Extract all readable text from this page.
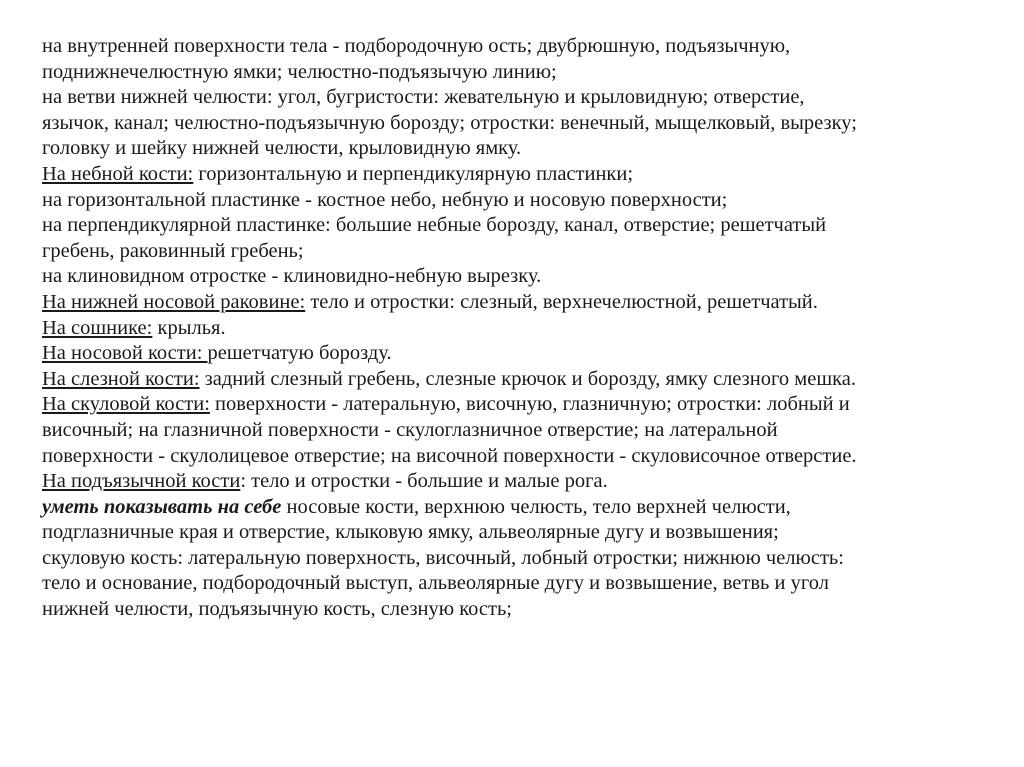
на внутренней поверхности тела - подбородочную ость; двубрюшную, подъязычную,
поднижнечелюстную ямки; челюстно-подъязычую линию;
на ветви нижней челюсти: угол, бугристости: жевательную и крыловидную; отверстие,
язычок, канал; челюстно-подъязычную борозду; отростки: венечный, мыщелковый, вырезку;
головку и шейку нижней челюсти, крыловидную ямку.
На небной кости: горизонтальную и перпендикулярную пластинки;
на горизонтальной пластинке - костное небо, небную и носовую поверхности;
на перпендикулярной пластинке: большие небные борозду, канал, отверстие; решетчатый
гребень, раковинный гребень;
на клиновидном отростке - клиновидно-небную вырезку.
На нижней носовой раковине: тело и отростки: слезный, верхнечелюстной, решетчатый.
На сошнике: крылья.
На носовой кости: решетчатую борозду.
На слезной кости: задний слезный гребень, слезные крючок и борозду, ямку слезного мешка.
На скуловой кости: поверхности - латеральную, височную, глазничную; отростки: лобный и
височный; на глазничной поверхности - скулоглазничное отверстие; на латеральной
поверхности - скулолицевое отверстие; на височной поверхности - скуловисочное отверстие.
На подъязычной кости: тело и отростки - большие и малые рога.
уметь показывать на себе носовые кости, верхнюю челюсть, тело верхней челюсти,
подглазничные края и отверстие, клыковую ямку, альвеолярные дугу и возвышения;
скуловую кость: латеральную поверхность, височный, лобный отростки; нижнюю челюсть:
тело и основание, подбородочный выступ, альвеолярные дугу и возвышение, ветвь и угол
нижней челюсти, подъязычную кость, слезную кость;
